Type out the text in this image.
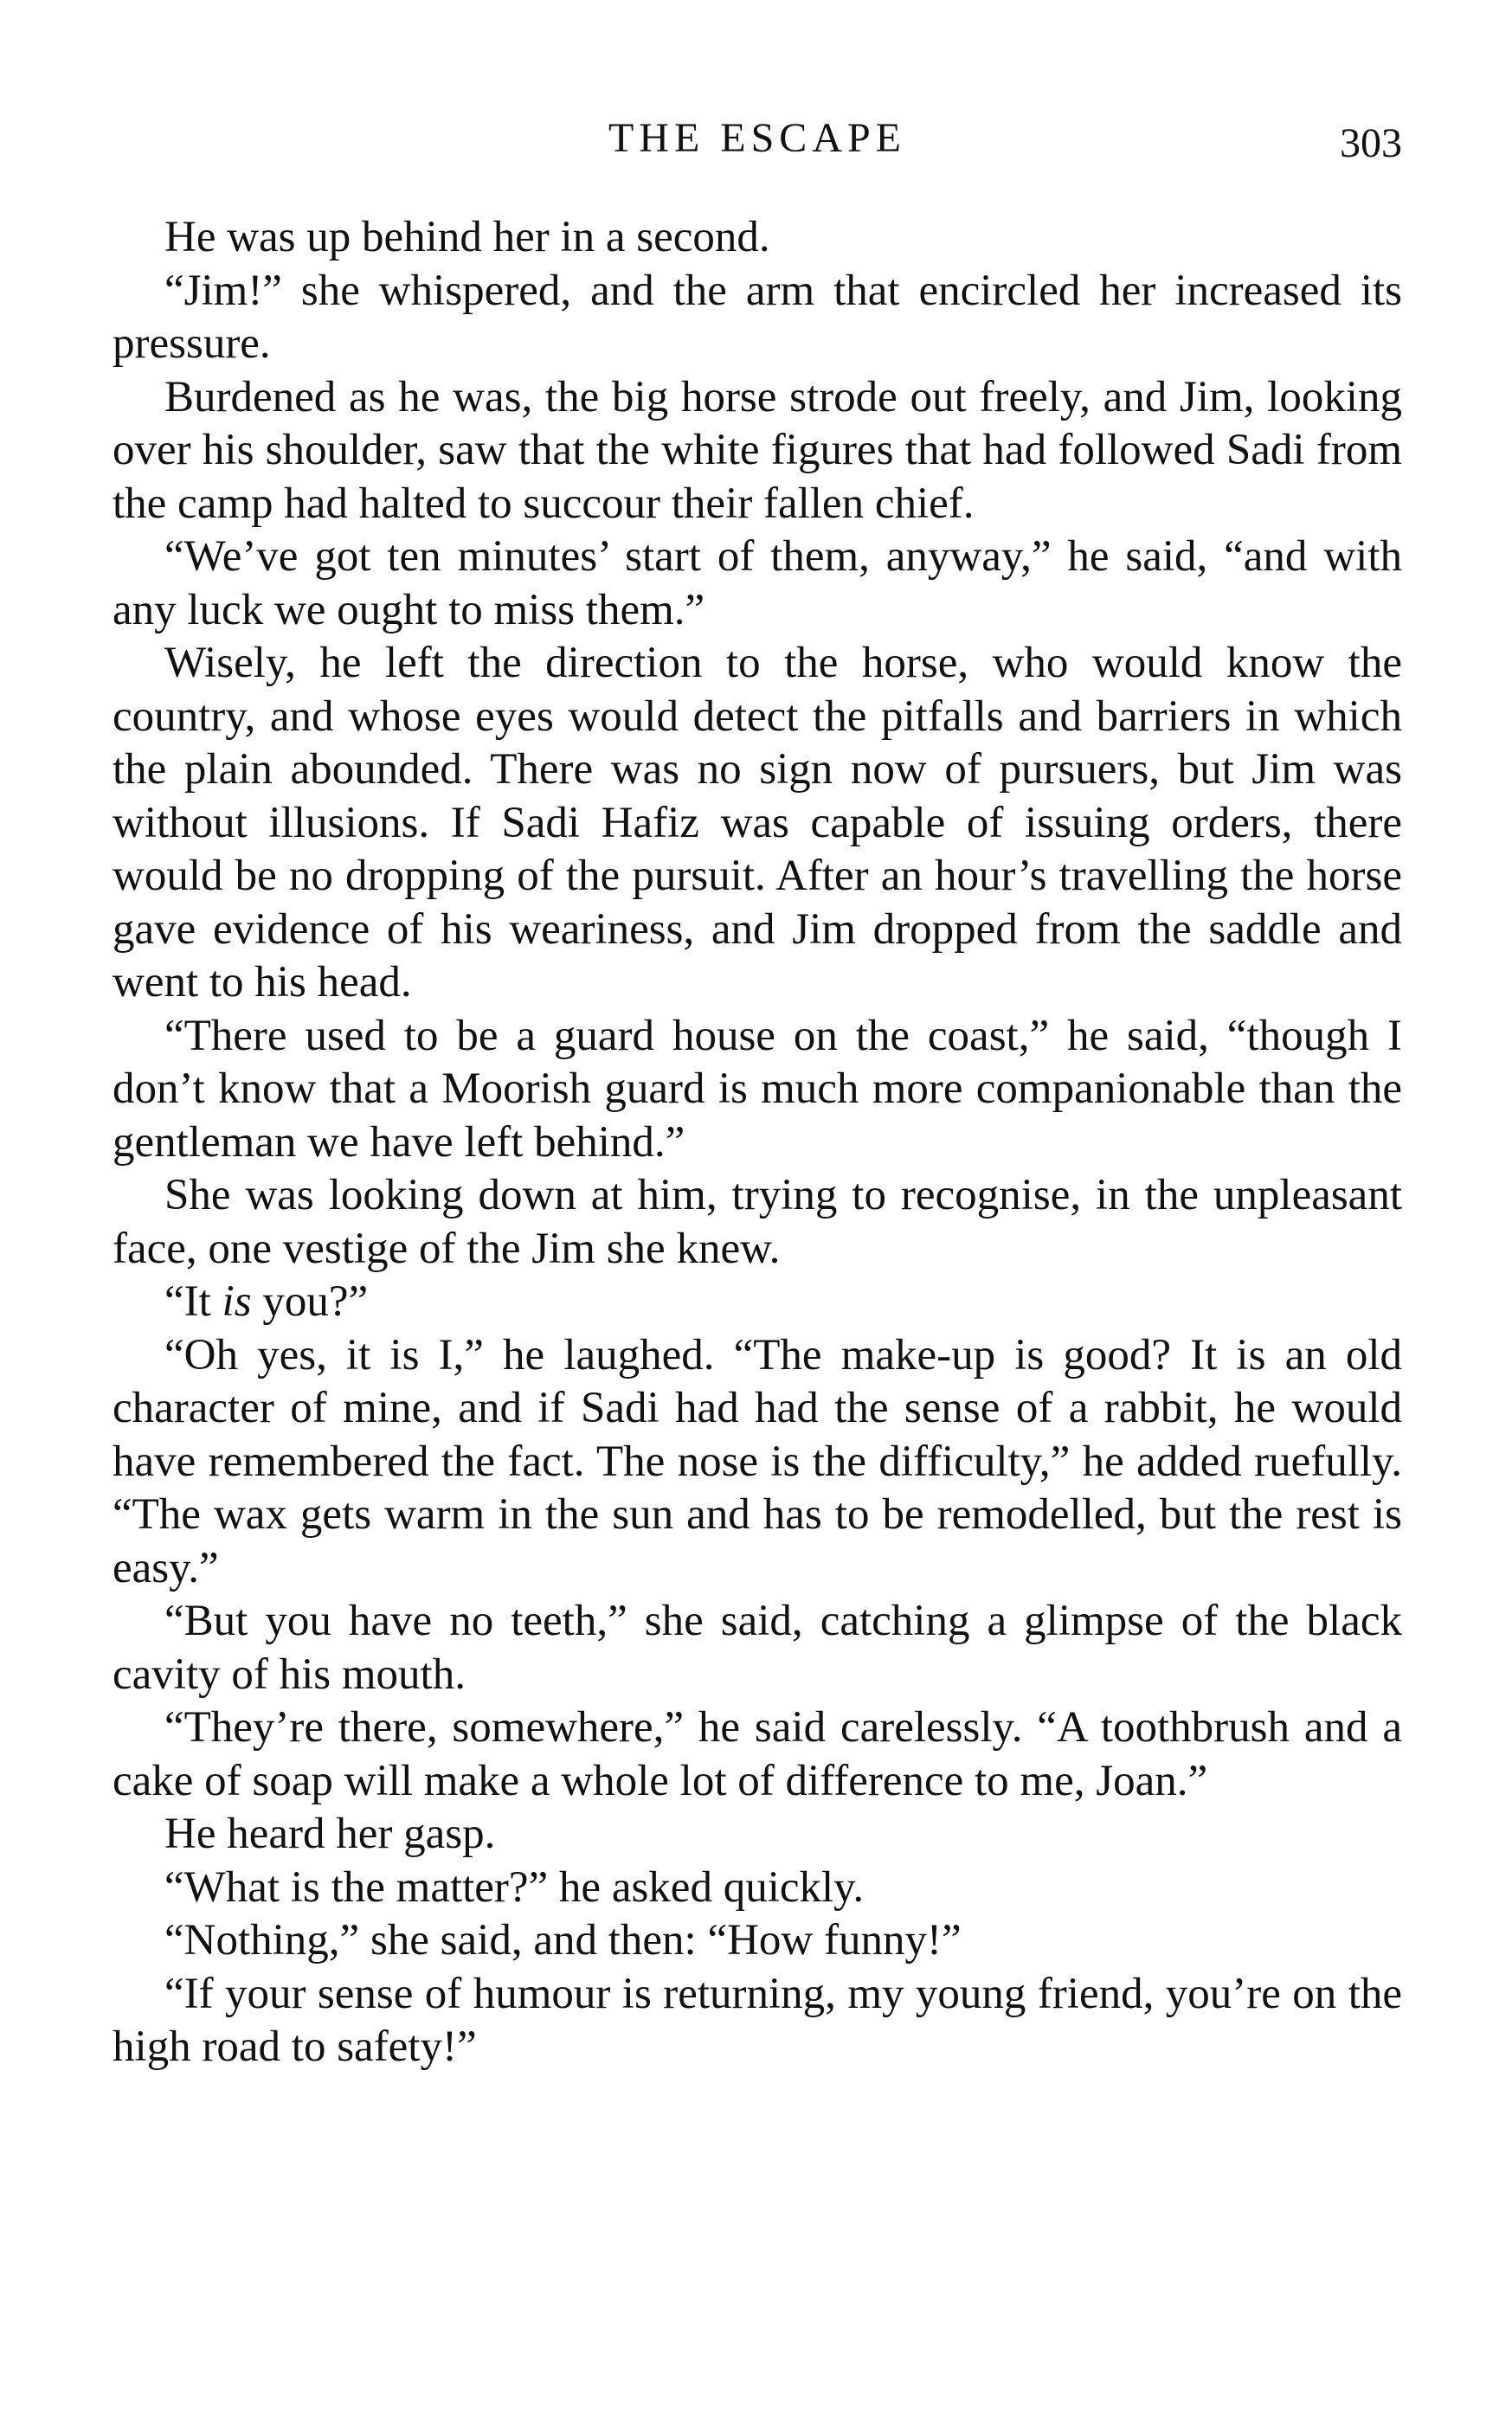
THE ESCAPE	303

He was up behind her in a second.

“Jim!” she whispered, and the arm that encircled her increased its pressure.

Burdened as he was, the big horse strode out freely, and Jim, looking over his shoulder, saw that the white figures that had followed Sadi from the camp had halted to succour their fallen chief.

“We’ve got ten minutes’ start of them, anyway,” he said, “and with any luck we ought to miss them.”

Wisely, he left the direction to the horse, who would know the country, and whose eyes would detect the pitfalls and barriers in which the plain abounded. There was no sign now of pursuers, but Jim was without illusions. If Sadi Hafiz was capable of issuing orders, there would be no dropping of the pursuit. After an hour’s travelling the horse gave evidence of his weariness, and Jim dropped from the saddle and went to his head.

“There used to be a guard house on the coast,” he said, “though I don’t know that a Moorish guard is much more companionable than the gentleman we have left behind.”

She was looking down at him, trying to recognise, in the unpleasant face, one vestige of the Jim she knew.

“It is you?”

“Oh yes, it is I,” he laughed. “The make-up is good? It is an old character of mine, and if Sadi had had the sense of a rabbit, he would have remembered the fact. The nose is the difficulty,” he added ruefully. “The wax gets warm in the sun and has to be remodelled, but the rest is easy.”

“But you have no teeth,” she said, catching a glimpse of the black cavity of his mouth.

“They’re there, somewhere,” he said carelessly. “A toothbrush and a cake of soap will make a whole lot of difference to me, Joan.”

He heard her gasp.

“What is the matter?” he asked quickly.

“Nothing,” she said, and then: “How funny!”

“If your sense of humour is returning, my young friend, you’re on the high road to safety!”
